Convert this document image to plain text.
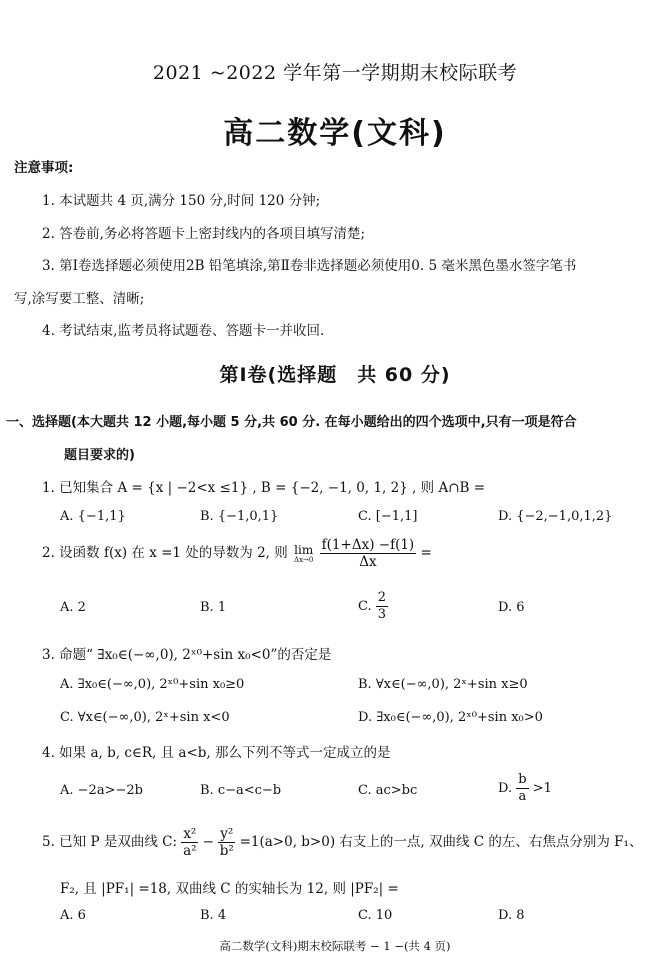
2021 ~2022 学年第一学期期末校际联考
高二数学(文科)
注意事项:
1. 本试题共 4 页,满分 150 分,时间 120 分钟;
2. 答卷前,务必将答题卡上密封线内的各项目填写清楚;
3. 第Ⅰ卷选择题必须使用2B 铅笔填涂,第Ⅱ卷非选择题必须使用0. 5 毫米黑色墨水签字笔书
写,涂写要工整、清晰;
4. 考试结束,监考员将试题卷、答题卡一并收回.
第Ⅰ卷(选择题　共 60 分)
一、选择题(本大题共 12 小题,每小题 5 分,共 60 分. 在每小题给出的四个选项中,只有一项是符合
题目要求的)
1. 已知集合 A = {x | −2<x ≤1} , B = {−2, −1, 0, 1, 2} , 则 A∩B =
A. {−1,1}	B. {−1,0,1}	C. [−1,1]	D. {−2,−1,0,1,2}
2. 设函数 f(x) 在 x =1 处的导数为 2, 则 lim
Δx→0
$\frac{f(1+\Delta x) -f(1)}{\Delta x}$ =
A. 2	B. 1	C. $\frac{2}{3}$	D. 6
3. 命题“ ∃x₀∈(−∞,0), 2ˣ⁰+sin x₀<0”的否定是
A. ∃x₀∈(−∞,0), 2ˣ⁰+sin x₀≥0	B. ∀x∈(−∞,0), 2ˣ+sin x≥0
C. ∀x∈(−∞,0), 2ˣ+sin x<0	D. ∃x₀∈(−∞,0), 2ˣ⁰+sin x₀>0
4. 如果 a, b, c∈R, 且 a<b, 那么下列不等式一定成立的是
A. −2a>−2b	B. c−a<c−b	C. ac>bc	D. $\frac{b}{a} >1$
5. 已知 P 是双曲线 C: $\frac{\text{x²}}{\text{a²}} - \frac{\text{y²}}{\text{b²}} =1(a>0$, b>0) 右支上的一点, 双曲线 C 的左、右焦点分别为 F₁、
F₂, 且 |PF₁| =18, 双曲线 C 的实轴长为 12, 则 |PF₂| =
A. 6	B. 4	C. 10	D. 8
高二数学(文科)期末校际联考 − 1 −(共 4 页)
